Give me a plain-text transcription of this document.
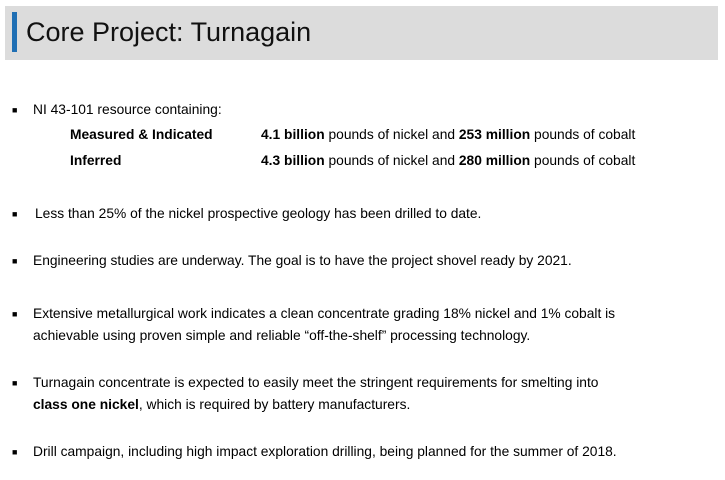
Core Project: Turnagain
■ NI 43-101 resource containing:
Measured & Indicated	4.1 billion pounds of nickel and 253 million pounds of cobalt
Inferred	4.3 billion pounds of nickel and 280 million pounds of cobalt
■ Less than 25% of the nickel prospective geology has been drilled to date.
■ Engineering studies are underway. The goal is to have the project shovel ready by 2021.
■ Extensive metallurgical work indicates a clean concentrate grading 18% nickel and 1% cobalt is
achievable using proven simple and reliable “off-the-shelf” processing technology.
■ Turnagain concentrate is expected to easily meet the stringent requirements for smelting into
class one nickel, which is required by battery manufacturers.
■ Drill campaign, including high impact exploration drilling, being planned for the summer of 2018.
